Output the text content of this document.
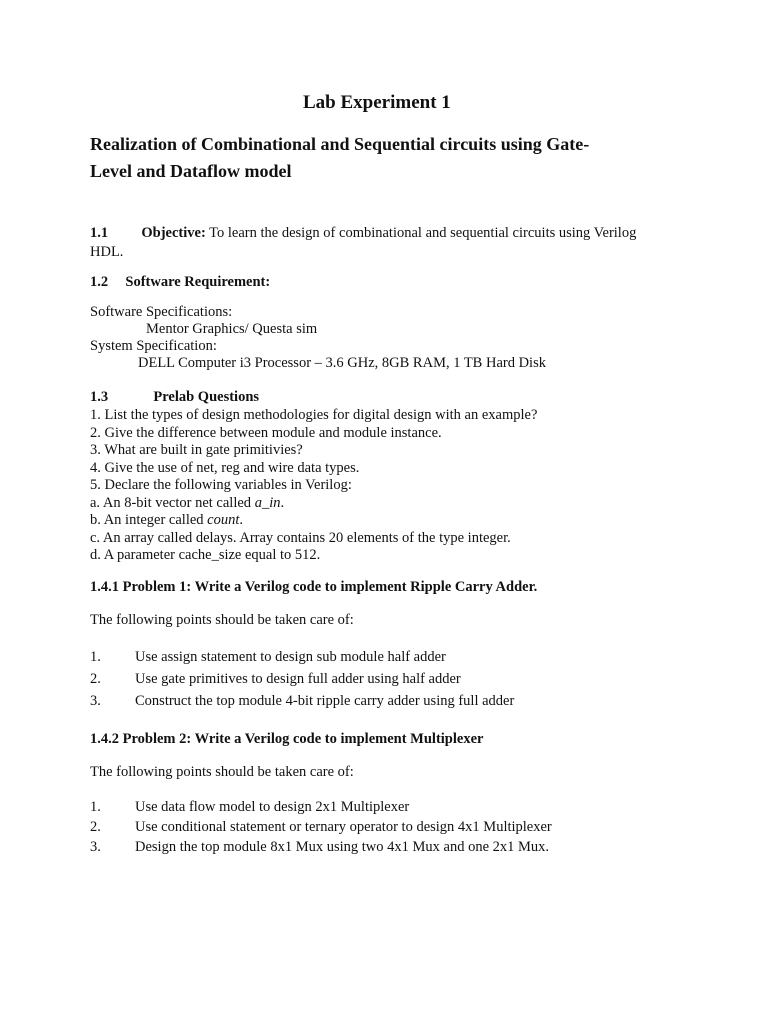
Lab Experiment 1
Realization of Combinational and Sequential circuits using Gate-
Level and Dataflow model
1.1 Objective: To learn the design of combinational and sequential circuits using Verilog
HDL.
1.2 Software Requirement:
Software Specifications:
Mentor Graphics/ Questa sim
System Specification:
DELL Computer i3 Processor – 3.6 GHz, 8GB RAM, 1 TB Hard Disk
1.3	Prelab Questions
1. List the types of design methodologies for digital design with an example?
2. Give the difference between module and module instance.
3. What are built in gate primitivies?
4. Give the use of net, reg and wire data types.
5. Declare the following variables in Verilog:
a. An 8-bit vector net called a_in.
b. An integer called count.
c. An array called delays. Array contains 20 elements of the type integer.
d. A parameter cache_size equal to 512.
1.4.1 Problem 1: Write a Verilog code to implement Ripple Carry Adder.
The following points should be taken care of:
1. Use assign statement to design sub module half adder
2. Use gate primitives to design full adder using half adder
3. Construct the top module 4-bit ripple carry adder using full adder
1.4.2 Problem 2: Write a Verilog code to implement Multiplexer
The following points should be taken care of:
1. Use data flow model to design 2x1 Multiplexer
2. Use conditional statement or ternary operator to design 4x1 Multiplexer
3. Design the top module 8x1 Mux using two 4x1 Mux and one 2x1 Mux.
